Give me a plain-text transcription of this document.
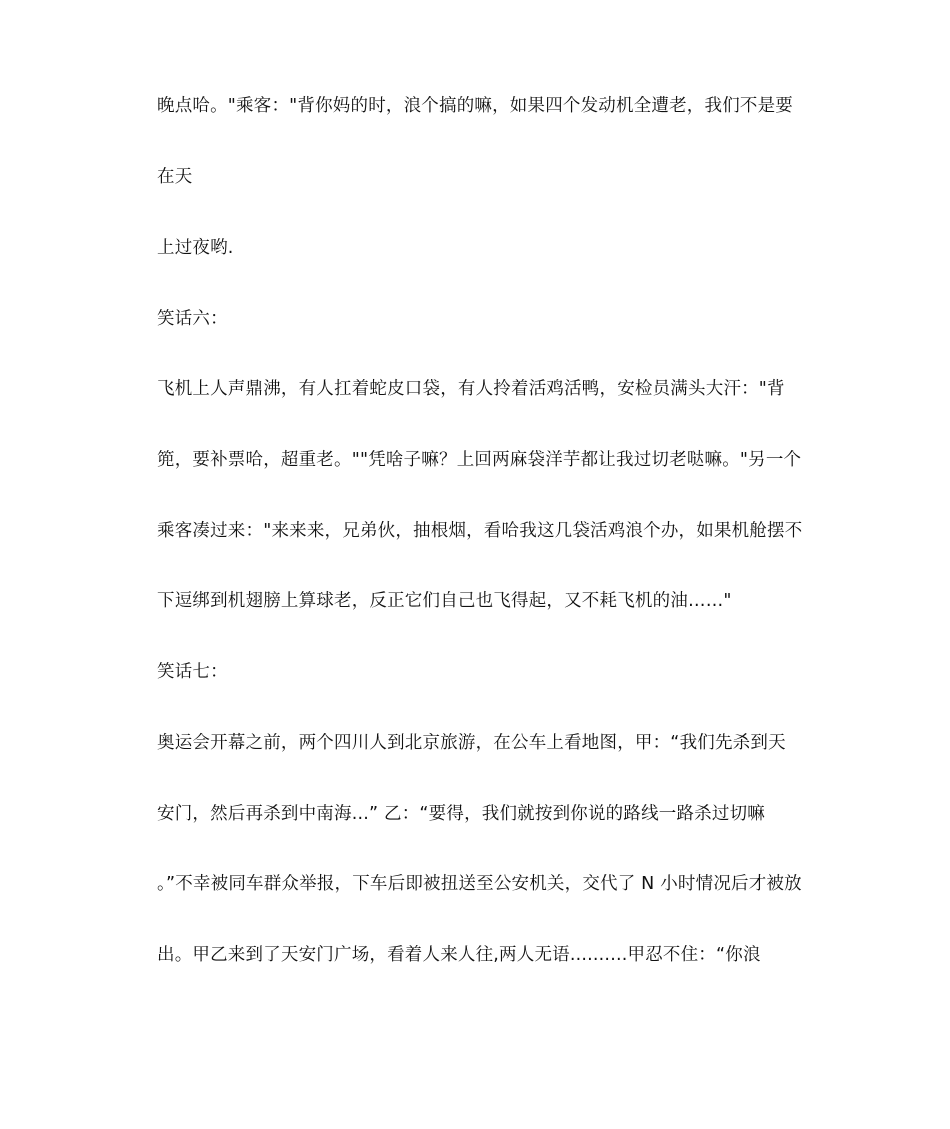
晚点哈。"乘客："背你妈的时，浪个搞的嘛，如果四个发动机全遭老，我们不是要

在天

上过夜哟.

笑话六：

飞机上人声鼎沸，有人扛着蛇皮口袋，有人拎着活鸡活鸭，安检员满头大汗："背

篼，要补票哈，超重老。""凭啥子嘛？上回两麻袋洋芋都让我过切老哒嘛。"另一个

乘客凑过来："来来来，兄弟伙，抽根烟，看哈我这几袋活鸡浪个办，如果机舱摆不

下逗绑到机翅膀上算球老，反正它们自己也飞得起，又不耗飞机的油……"

笑话七：

奥运会开幕之前，两个四川人到北京旅游，在公车上看地图，甲：“我们先杀到天

安门，然后再杀到中南海...” 乙：“要得，我们就按到你说的路线一路杀过切嘛

。”不幸被同车群众举报，下车后即被扭送至公安机关，交代了 N 小时情况后才被放

出。甲乙来到了天安门广场，看着人来人往,两人无语..........甲忍不住：“你浪
